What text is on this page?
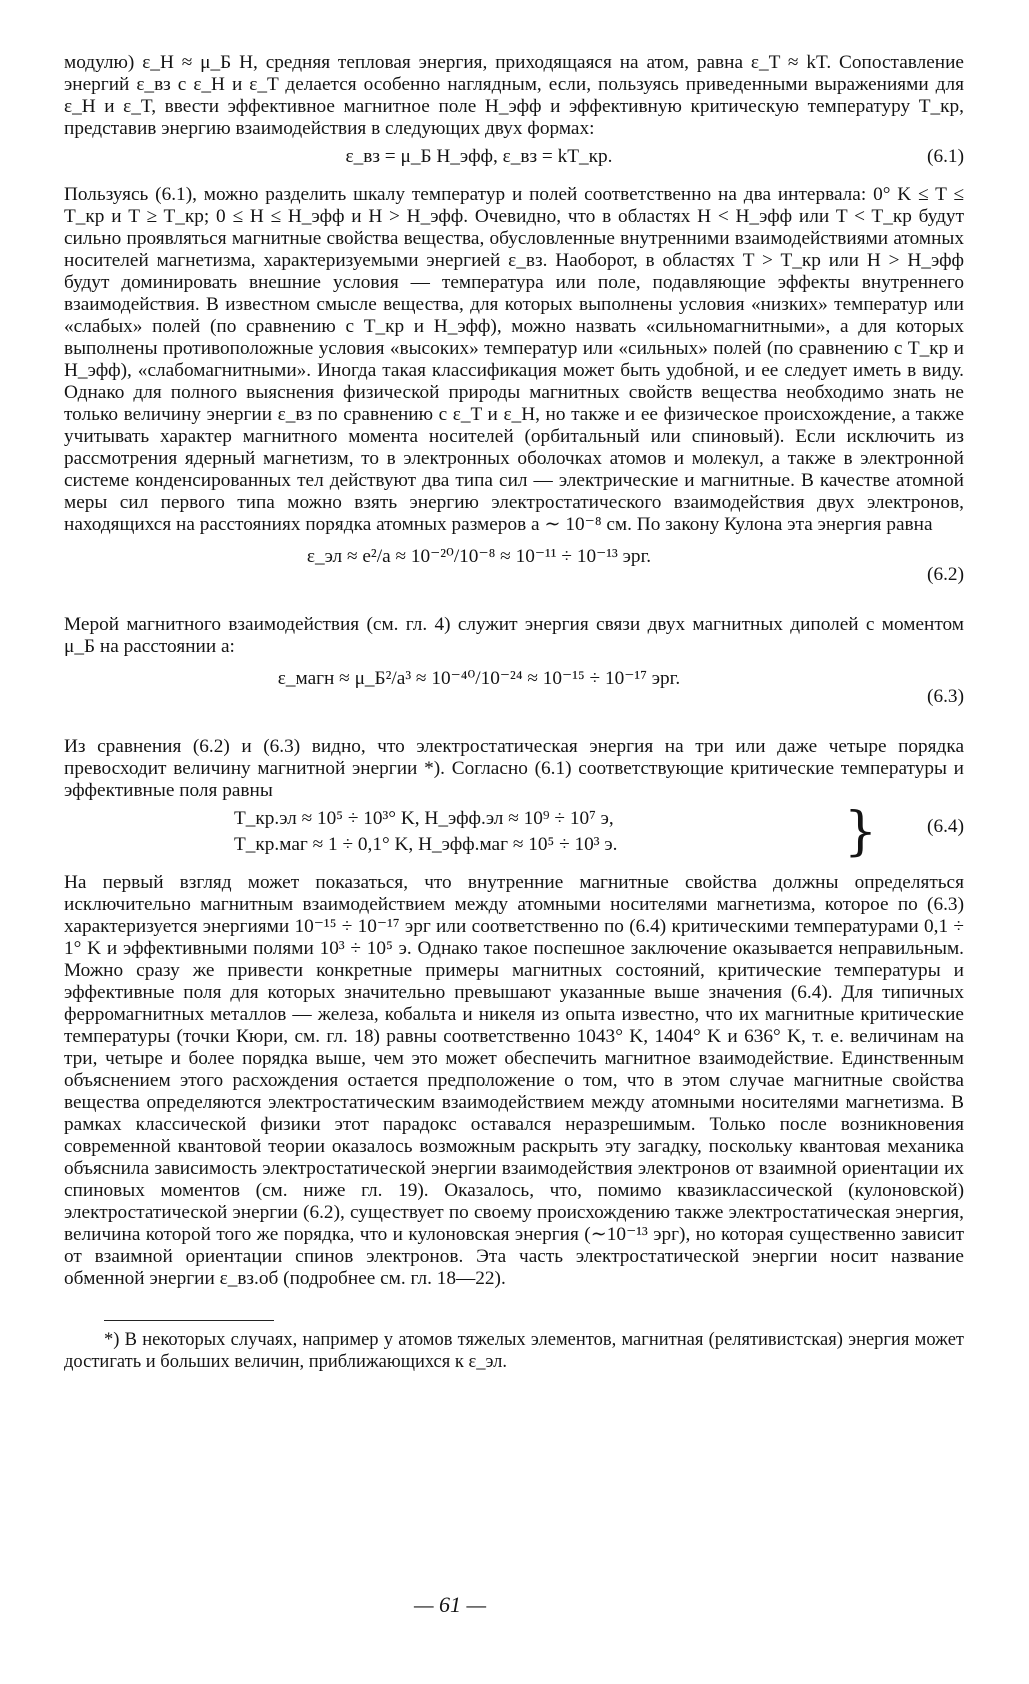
модулю) ε_H ≈ μ_Б H, средняя тепловая энергия, приходящаяся на атом, равна ε_T ≈ kT. Сопоставление энергий ε_вз с ε_H и ε_T делается особенно наглядным, если, пользуясь приведенными выражениями для ε_H и ε_T, ввести эффективное магнитное поле H_эфф и эффективную критическую температуру T_кр, представив энергию взаимодействия в следующих двух формах:

ε_вз = μ_Б H_эфф, ε_вз = kT_кр.	(6.1)

Пользуясь (6.1), можно разделить шкалу температур и полей соответственно на два интервала: 0° K ≤ T ≤ T_кр и T ≥ T_кр; 0 ≤ H ≤ H_эфф и H > H_эфф. Очевидно, что в областях H < H_эфф или T < T_кр будут сильно проявляться магнитные свойства вещества, обусловленные внутренними взаимодействиями атомных носителей магнетизма, характеризуемыми энергией ε_вз. Наоборот, в областях T > T_кр или H > H_эфф будут доминировать внешние условия — температура или поле, подавляющие эффекты внутреннего взаимодействия. В известном смысле вещества, для которых выполнены условия «низких» температур или «слабых» полей (по сравнению с T_кр и H_эфф), можно назвать «сильномагнитными», а для которых выполнены противоположные условия «высоких» температур или «сильных» полей (по сравнению с T_кр и H_эфф), «слабомагнитными». Иногда такая классификация может быть удобной, и ее следует иметь в виду. Однако для полного выяснения физической природы магнитных свойств вещества необходимо знать не только величину энергии ε_вз по сравнению с ε_T и ε_H, но также и ее физическое происхождение, а также учитывать характер магнитного момента носителей (орбитальный или спиновый). Если исключить из рассмотрения ядерный магнетизм, то в электронных оболочках атомов и молекул, а также в электронной системе конденсированных тел действуют два типа сил — электрические и магнитные. В качестве атомной меры сил первого типа можно взять энергию электростатического взаимодействия двух электронов, находящихся на расстояниях порядка атомных размеров a ∼ 10⁻⁸ см. По закону Кулона эта энергия равна

ε_эл ≈ e²/a ≈ 10⁻²⁰/10⁻⁸ ≈ 10⁻¹¹ ÷ 10⁻¹³ эрг.
(6.2)

Мерой магнитного взаимодействия (см. гл. 4) служит энергия связи двух магнитных диполей с моментом μ_Б на расстоянии a:

ε_магн ≈ μ_Б²/a³ ≈ 10⁻⁴⁰/10⁻²⁴ ≈ 10⁻¹⁵ ÷ 10⁻¹⁷ эрг.
(6.3)

Из сравнения (6.2) и (6.3) видно, что электростатическая энергия на три или даже четыре порядка превосходит величину магнитной энергии *). Согласно (6.1) соответствующие критические температуры и эффективные поля равны

T_кр.эл ≈ 10⁵ ÷ 10³° K, H_эфф.эл ≈ 10⁹ ÷ 10⁷ э,
T_кр.маг ≈ 1 ÷ 0,1° K, H_эфф.маг ≈ 10⁵ ÷ 10³ э.	}	(6.4)

На первый взгляд может показаться, что внутренние магнитные свойства должны определяться исключительно магнитным взаимодействием между атомными носителями магнетизма, которое по (6.3) характеризуется энергиями 10⁻¹⁵ ÷ 10⁻¹⁷ эрг или соответственно по (6.4) критическими температурами 0,1 ÷ 1° K и эффективными полями 10³ ÷ 10⁵ э. Однако такое поспешное заключение оказывается неправильным. Можно сразу же привести конкретные примеры магнитных состояний, критические температуры и эффективные поля для которых значительно превышают указанные выше значения (6.4). Для типичных ферромагнитных металлов — железа, кобальта и никеля из опыта известно, что их магнитные критические температуры (точки Кюри, см. гл. 18) равны соответственно 1043° K, 1404° K и 636° K, т. е. величинам на три, четыре и более порядка выше, чем это может обеспечить магнитное взаимодействие. Единственным объяснением этого расхождения остается предположение о том, что в этом случае магнитные свойства вещества определяются электростатическим взаимодействием между атомными носителями магнетизма. В рамках классической физики этот парадокс оставался неразрешимым. Только после возникновения современной квантовой теории оказалось возможным раскрыть эту загадку, поскольку квантовая механика объяснила зависимость электростатической энергии взаимодействия электронов от взаимной ориентации их спиновых моментов (см. ниже гл. 19). Оказалось, что, помимо квазиклассической (кулоновской) электростатической энергии (6.2), существует по своему происхождению также электростатическая энергия, величина которой того же порядка, что и кулоновская энергия (∼10⁻¹³ эрг), но которая существенно зависит от взаимной ориентации спинов электронов. Эта часть электростатической энергии носит название обменной энергии ε_вз.об (подробнее см. гл. 18—22).

*) В некоторых случаях, например у атомов тяжелых элементов, магнитная (релятивистская) энергия может достигать и больших величин, приближающихся к ε_эл.

— 61 —
